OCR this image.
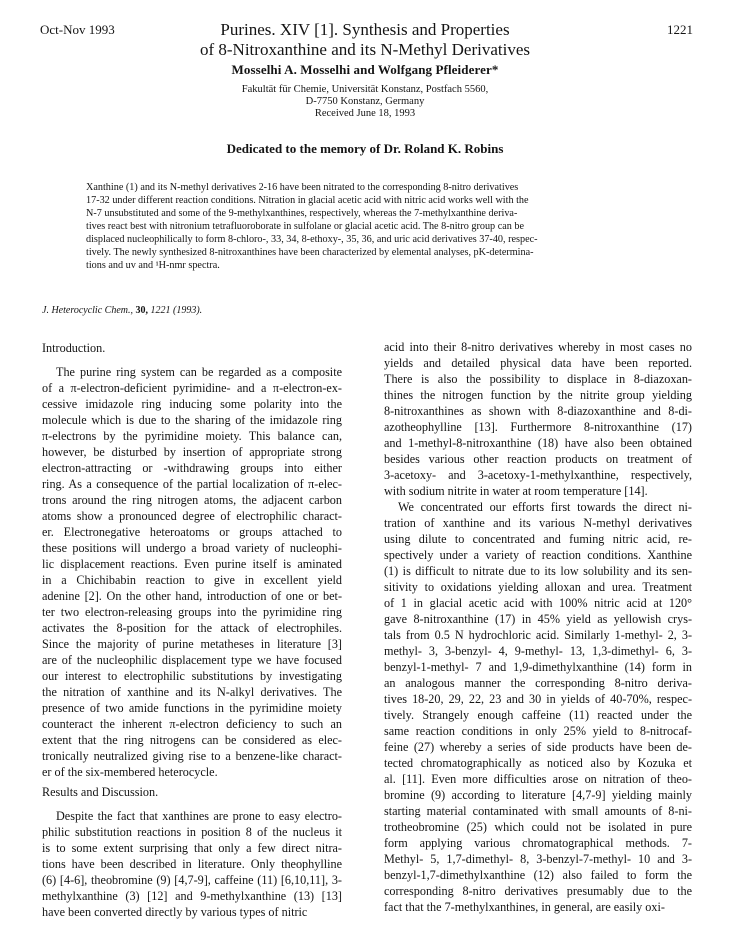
Oct-Nov 1993	1221
Purines. XIV [1]. Synthesis and Properties
of 8-Nitroxanthine and its N-Methyl Derivatives
Mosselhi A. Mosselhi and Wolfgang Pfleiderer*
Fakultät für Chemie, Universität Konstanz, Postfach 5560,
D-7750 Konstanz, Germany
Received June 18, 1993
Dedicated to the memory of Dr. Roland K. Robins
Xanthine (1) and its N-methyl derivatives 2-16 have been nitrated to the corresponding 8-nitro derivatives
17-32 under different reaction conditions. Nitration in glacial acetic acid with nitric acid works well with the
N-7 unsubstituted and some of the 9-methylxanthines, respectively, whereas the 7-methylxanthine deriva-
tives react best with nitronium tetrafluoroborate in sulfolane or glacial acetic acid. The 8-nitro group can be
displaced nucleophilically to form 8-chloro-, 33, 34, 8-ethoxy-, 35, 36, and uric acid derivatives 37-40, respec-
tively. The newly synthesized 8-nitroxanthines have been characterized by elemental analyses, pK-determina-
tions and uv and ¹H-nmr spectra.
J. Heterocyclic Chem., 30, 1221 (1993).
Introduction.
The purine ring system can be regarded as a composite
of a π-electron-deficient pyrimidine- and a π-electron-ex-
cessive imidazole ring inducing some polarity into the
molecule which is due to the sharing of the imidazole ring
π-electrons by the pyrimidine moiety. This balance can,
however, be disturbed by insertion of appropriate strong
electron-attracting or -withdrawing groups into either
ring. As a consequence of the partial localization of π-elec-
trons around the ring nitrogen atoms, the adjacent carbon
atoms show a pronounced degree of electrophilic charact-
er. Electronegative heteroatoms or groups attached to
these positions will undergo a broad variety of nucleophi-
lic displacement reactions. Even purine itself is aminated
in a Chichibabin reaction to give in excellent yield
adenine [2]. On the other hand, introduction of one or bet-
ter two electron-releasing groups into the pyrimidine ring
activates the 8-position for the attack of electrophiles.
Since the majority of purine metatheses in literature [3]
are of the nucleophilic displacement type we have focused
our interest to electrophilic substitutions by investigating
the nitration of xanthine and its N-alkyl derivatives. The
presence of two amide functions in the pyrimidine moiety
counteract the inherent π-electron deficiency to such an
extent that the ring nitrogens can be considered as elec-
tronically neutralized giving rise to a benzene-like charact-
er of the six-membered heterocycle.
Results and Discussion.
Despite the fact that xanthines are prone to easy electro-
philic substitution reactions in position 8 of the nucleus it
is to some extent surprising that only a few direct nitra-
tions have been described in literature. Only theophylline
(6) [4-6], theobromine (9) [4,7-9], caffeine (11) [6,10,11], 3-
methylxanthine (3) [12] and 9-methylxanthine (13) [13]
have been converted directly by various types of nitric
acid into their 8-nitro derivatives whereby in most cases no
yields and detailed physical data have been reported.
There is also the possibility to displace in 8-diazoxan-
thines the nitrogen function by the nitrite group yielding
8-nitroxanthines as shown with 8-diazoxanthine and 8-di-
azotheophylline [13]. Furthermore 8-nitroxanthine (17)
and 1-methyl-8-nitroxanthine (18) have also been obtained
besides various other reaction products on treatment of
3-acetoxy- and 3-acetoxy-1-methylxanthine, respectively,
with sodium nitrite in water at room temperature [14].
We concentrated our efforts first towards the direct ni-
tration of xanthine and its various N-methyl derivatives
using dilute to concentrated and fuming nitric acid, re-
spectively under a variety of reaction conditions. Xanthine
(1) is difficult to nitrate due to its low solubility and its sen-
sitivity to oxidations yielding alloxan and urea. Treatment
of 1 in glacial acetic acid with 100% nitric acid at 120°
gave 8-nitroxanthine (17) in 45% yield as yellowish crys-
tals from 0.5 N hydrochloric acid. Similarly 1-methyl- 2, 3-
methyl- 3, 3-benzyl- 4, 9-methyl- 13, 1,3-dimethyl- 6, 3-
benzyl-1-methyl- 7 and 1,9-dimethylxanthine (14) form in
an analogous manner the corresponding 8-nitro deriva-
tives 18-20, 29, 22, 23 and 30 in yields of 40-70%, respec-
tively. Strangely enough caffeine (11) reacted under the
same reaction conditions in only 25% yield to 8-nitrocaf-
feine (27) whereby a series of side products have been de-
tected chromatographically as noticed also by Kozuka et
al. [11]. Even more difficulties arose on nitration of theo-
bromine (9) according to literature [4,7-9] yielding mainly
starting material contaminated with small amounts of 8-ni-
trotheobromine (25) which could not be isolated in pure
form applying various chromatographical methods. 7-
Methyl- 5, 1,7-dimethyl- 8, 3-benzyl-7-methyl- 10 and 3-
benzyl-1,7-dimethylxanthine (12) also failed to form the
corresponding 8-nitro derivatives presumably due to the
fact that the 7-methylxanthines, in general, are easily oxi-
